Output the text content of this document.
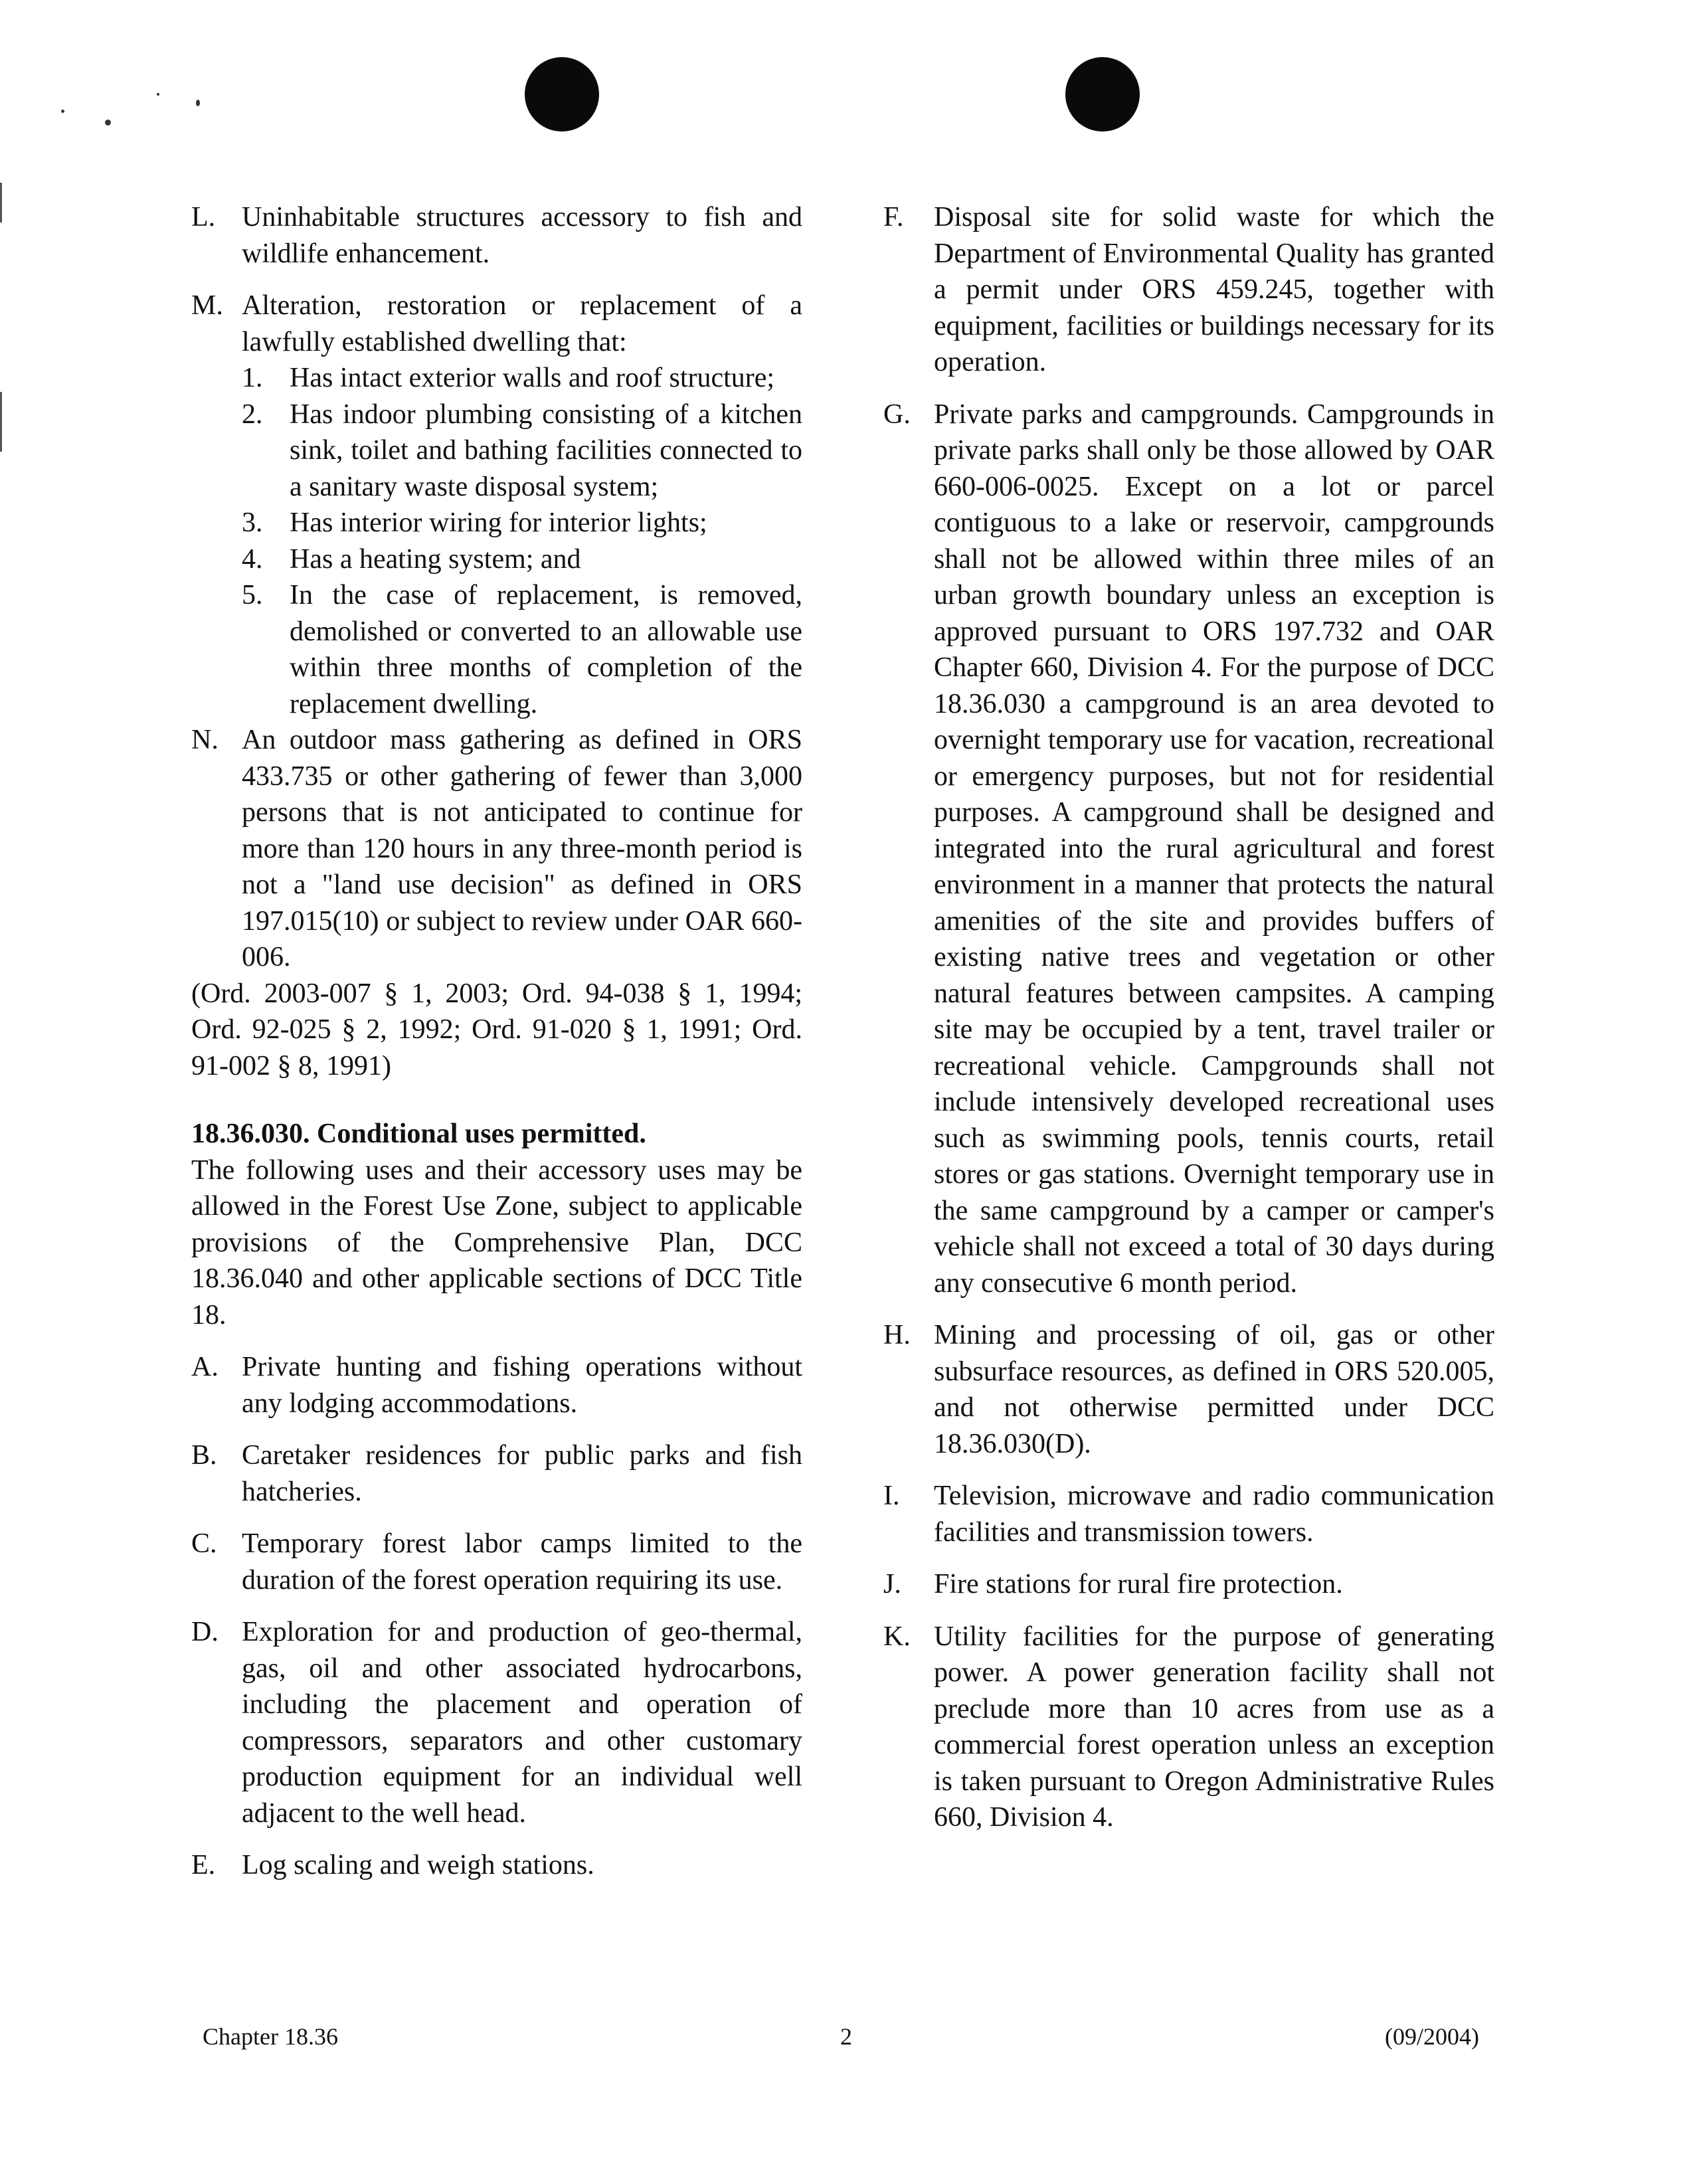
L. Uninhabitable structures accessory to fish and wildlife enhancement.
M. Alteration, restoration or replacement of a lawfully established dwelling that:
1. Has intact exterior walls and roof structure;
2. Has indoor plumbing consisting of a kitchen sink, toilet and bathing facilities connected to a sanitary waste disposal system;
3. Has interior wiring for interior lights;
4. Has a heating system; and
5. In the case of replacement, is removed, demolished or converted to an allowable use within three months of completion of the replacement dwelling.
N. An outdoor mass gathering as defined in ORS 433.735 or other gathering of fewer than 3,000 persons that is not anticipated to continue for more than 120 hours in any three-month period is not a "land use decision" as defined in ORS 197.015(10) or subject to review under OAR 660-006.
(Ord. 2003-007 § 1, 2003; Ord. 94-038 § 1, 1994; Ord. 92-025 § 2, 1992; Ord. 91-020 § 1, 1991; Ord. 91-002 § 8, 1991)
18.36.030. Conditional uses permitted.
The following uses and their accessory uses may be allowed in the Forest Use Zone, subject to applicable provisions of the Comprehensive Plan, DCC 18.36.040 and other applicable sections of DCC Title 18.
A. Private hunting and fishing operations without any lodging accommodations.
B. Caretaker residences for public parks and fish hatcheries.
C. Temporary forest labor camps limited to the duration of the forest operation requiring its use.
D. Exploration for and production of geo-thermal, gas, oil and other associated hydrocarbons, including the placement and operation of compressors, separators and other customary production equipment for an individual well adjacent to the well head.
E. Log scaling and weigh stations.
F.	Disposal site for solid waste for which the Department of Environmental Quality has granted a permit under ORS 459.245, together with equipment, facilities or buildings necessary for its operation.
G. Private parks and campgrounds. Campgrounds in private parks shall only be those allowed by OAR 660-006-0025. Except on a lot or parcel contiguous to a lake or reservoir, campgrounds shall not be allowed within three miles of an urban growth boundary unless an exception is approved pursuant to ORS 197.732 and OAR Chapter 660, Division 4. For the purpose of DCC 18.36.030 a campground is an area devoted to overnight temporary use for vacation, recreational or emergency purposes, but not for residential purposes. A campground shall be designed and integrated into the rural agricultural and forest environment in a manner that protects the natural amenities of the site and provides buffers of existing native trees and vegetation or other natural features between campsites. A camping site may be occupied by a tent, travel trailer or recreational vehicle. Campgrounds shall not include intensively developed recreational uses such as swimming pools, tennis courts, retail stores or gas stations. Overnight temporary use in the same campground by a camper or camper's vehicle shall not exceed a total of 30 days during any consecutive 6 month period.
H. Mining and processing of oil, gas or other subsurface resources, as defined in ORS 520.005, and not otherwise permitted under DCC 18.36.030(D).
I.	Television, microwave and radio communication facilities and transmission towers.
J.	Fire stations for rural fire protection.
K. Utility facilities for the purpose of generating power. A power generation facility shall not preclude more than 10 acres from use as a commercial forest operation unless an exception is taken pursuant to Oregon Administrative Rules 660, Division 4.
Chapter 18.36	2	(09/2004)
